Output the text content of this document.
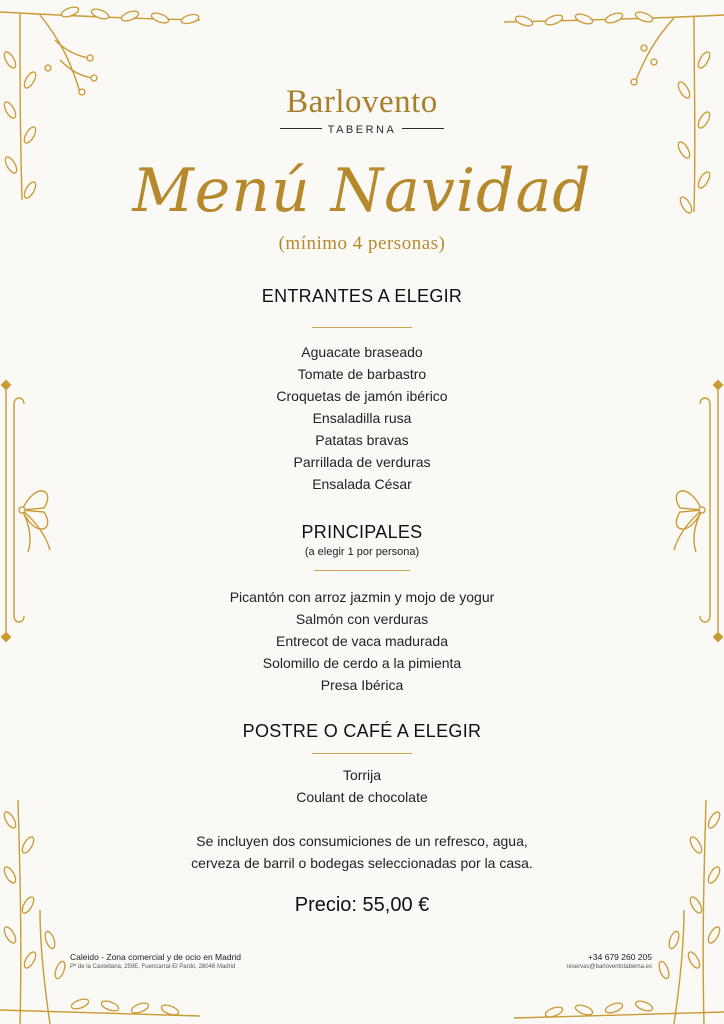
Barlovento
TABERNA
Menú Navidad
(mínimo 4 personas)
ENTRANTES A ELEGIR
Aguacate braseado
Tomate de barbastro
Croquetas de jamón ibérico
Ensaladilla rusa
Patatas bravas
Parrillada de verduras
Ensalada César
PRINCIPALES
(a elegir 1 por persona)
Picantón con arroz jazmin y mojo de yogur
Salmón con verduras
Entrecot de vaca madurada
Solomillo de cerdo a la pimienta
Presa Ibérica
POSTRE O CAFÉ A ELEGIR
Torrija
Coulant de chocolate
Se incluyen dos consumiciones de un refresco, agua,
cerveza de barril o bodegas seleccionadas por la casa.
Precio: 55,00 €
Caleido - Zona comercial y de ocio en Madrid
Pº de la Castellana, 259E, Fuencarral-El Pardo, 28046 Madrid
+34 679 260 205
reservas@barloventotaberna.es
